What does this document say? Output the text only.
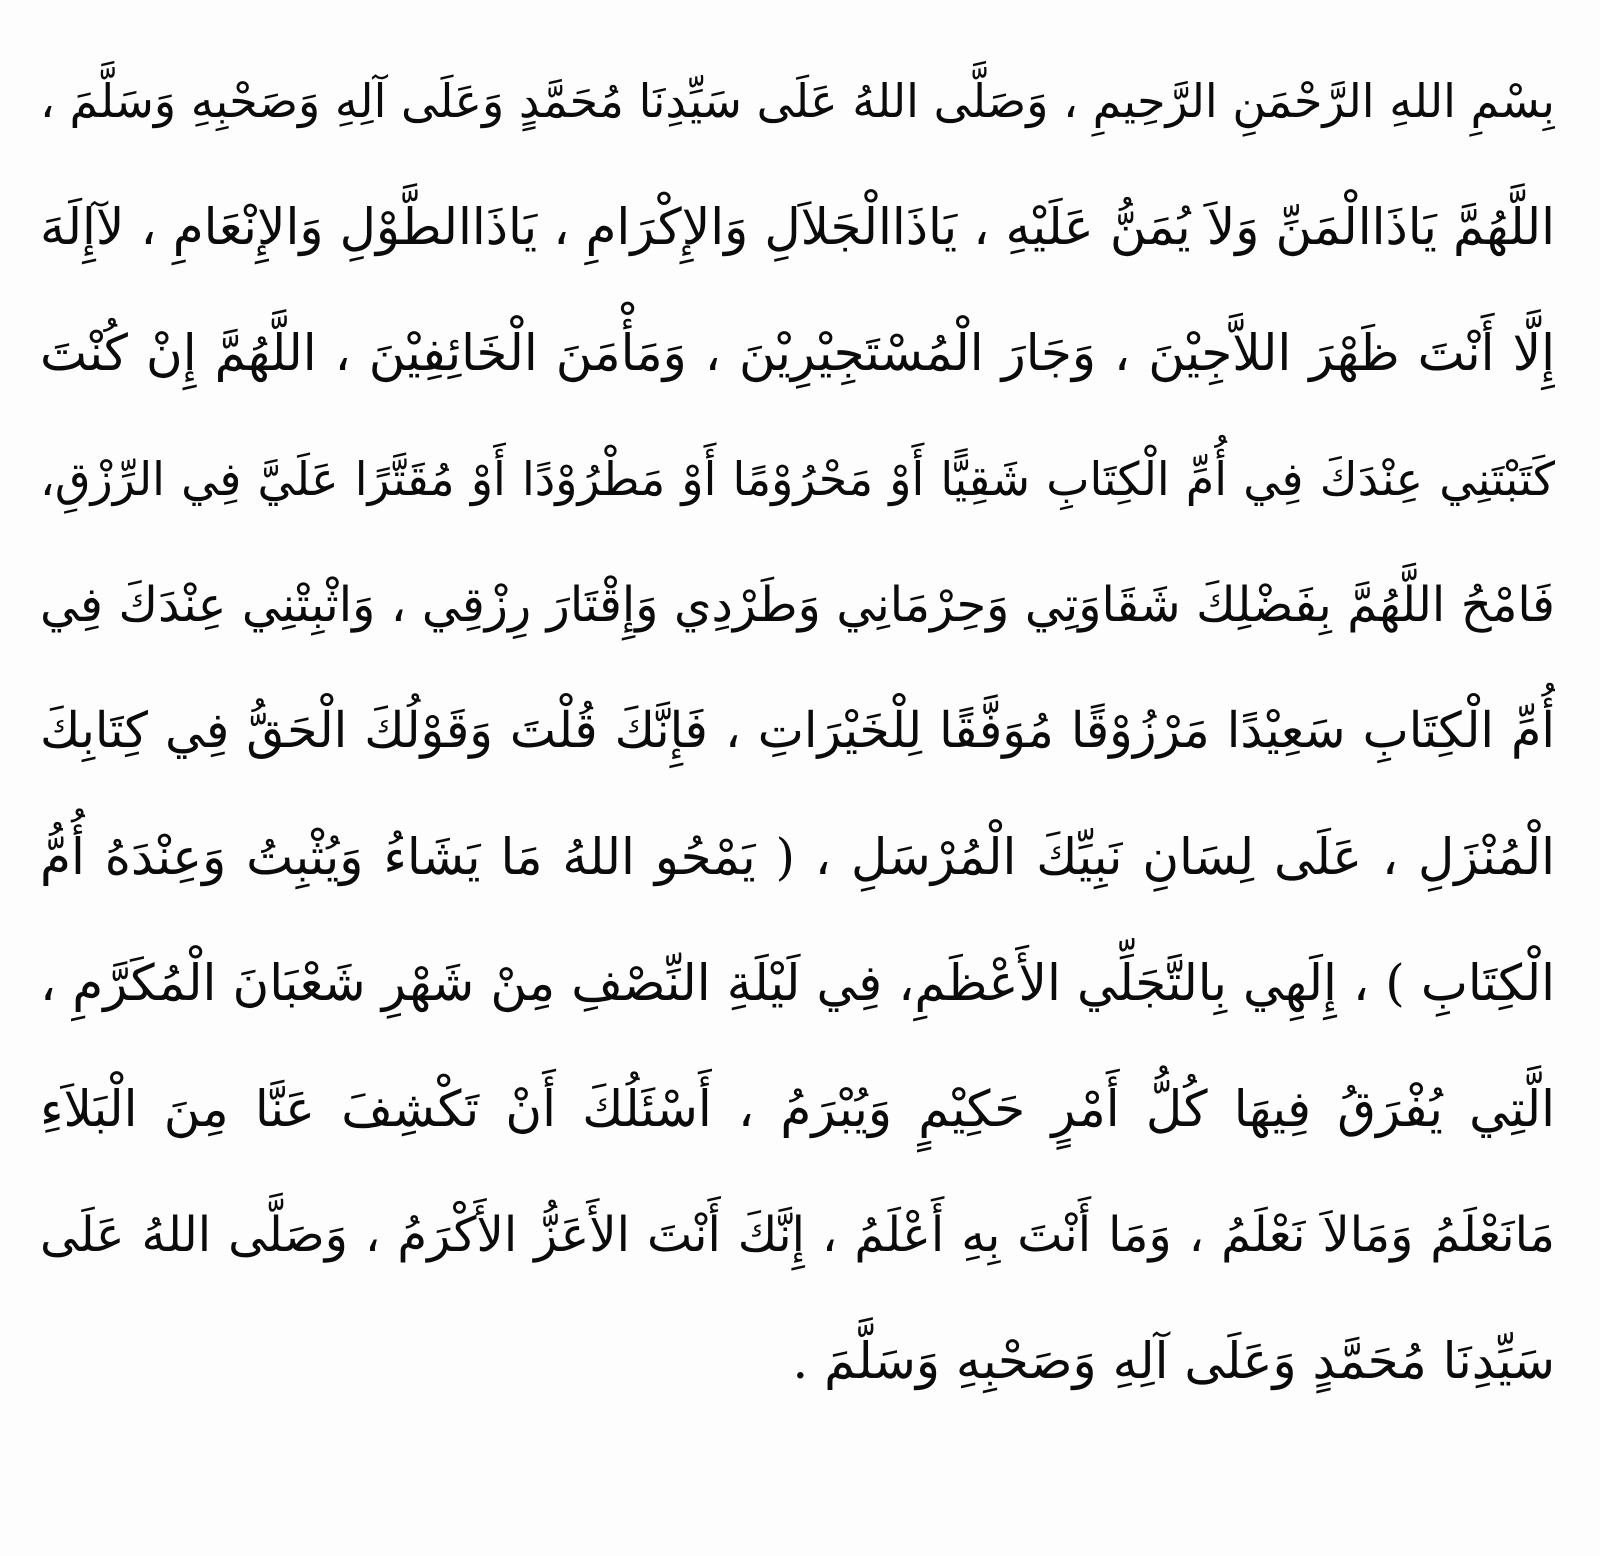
بِسْمِ اللهِ الرَّحْمَنِ الرَّحِيمِ ، وَصَلَّى اللهُ عَلَى سَيِّدِنَا مُحَمَّدٍ وَعَلَى آلِهِ وَصَحْبِهِ وَسَلَّمَ ،
اللَّهُمَّ يَاذَاالْمَنِّ وَلاَ يُمَنُّ عَلَيْهِ ، يَاذَاالْجَلاَلِ وَالإِكْرَامِ ، يَاذَاالطَّوْلِ وَالإِنْعَامِ ، لآإِلَهَ
إِلَّا أَنْتَ ظَهْرَ اللاَّجِيْنَ ، وَجَارَ الْمُسْتَجِيْرِيْنَ ، وَمَأْمَنَ الْخَائِفِيْنَ ، اللَّهُمَّ إِنْ كُنْتَ
كَتَبْتَنِي عِنْدَكَ فِي أُمِّ الْكِتَابِ شَقِيًّا أَوْ مَحْرُوْمًا أَوْ مَطْرُوْدًا أَوْ مُقَتَّرًا عَلَيَّ فِي الرِّزْقِ،
فَامْحُ اللَّهُمَّ بِفَضْلِكَ شَقَاوَتِي وَحِرْمَانِي وَطَرْدِي وَإِقْتَارَ رِزْقِي ، وَاثْبِتْنِي عِنْدَكَ فِي
أُمِّ الْكِتَابِ سَعِيْدًا مَرْزُوْقًا مُوَفَّقًا لِلْخَيْرَاتِ ، فَإِنَّكَ قُلْتَ وَقَوْلُكَ الْحَقُّ فِي كِتَابِكَ
الْمُنْزَلِ ، عَلَى لِسَانِ نَبِيِّكَ الْمُرْسَلِ ، ( يَمْحُو اللهُ مَا يَشَاءُ وَيُثْبِتُ وَعِنْدَهُ أُمُّ
الْكِتَابِ ) ، إِلَهِي بِالتَّجَلِّي الأَعْظَمِ، فِي لَيْلَةِ النِّصْفِ مِنْ شَهْرِ شَعْبَانَ الْمُكَرَّمِ ،
الَّتِي يُفْرَقُ فِيهَا كُلُّ أَمْرٍ حَكِيْمٍ وَيُبْرَمُ ، أَسْئَلُكَ أَنْ تَكْشِفَ عَنَّا مِنَ الْبَلاَءِ
مَانَعْلَمُ وَمَالاَ نَعْلَمُ ، وَمَا أَنْتَ بِهِ أَعْلَمُ ، إِنَّكَ أَنْتَ الأَعَزُّ الأَكْرَمُ ، وَصَلَّى اللهُ عَلَى
سَيِّدِنَا مُحَمَّدٍ وَعَلَى آلِهِ وَصَحْبِهِ وَسَلَّمَ .
